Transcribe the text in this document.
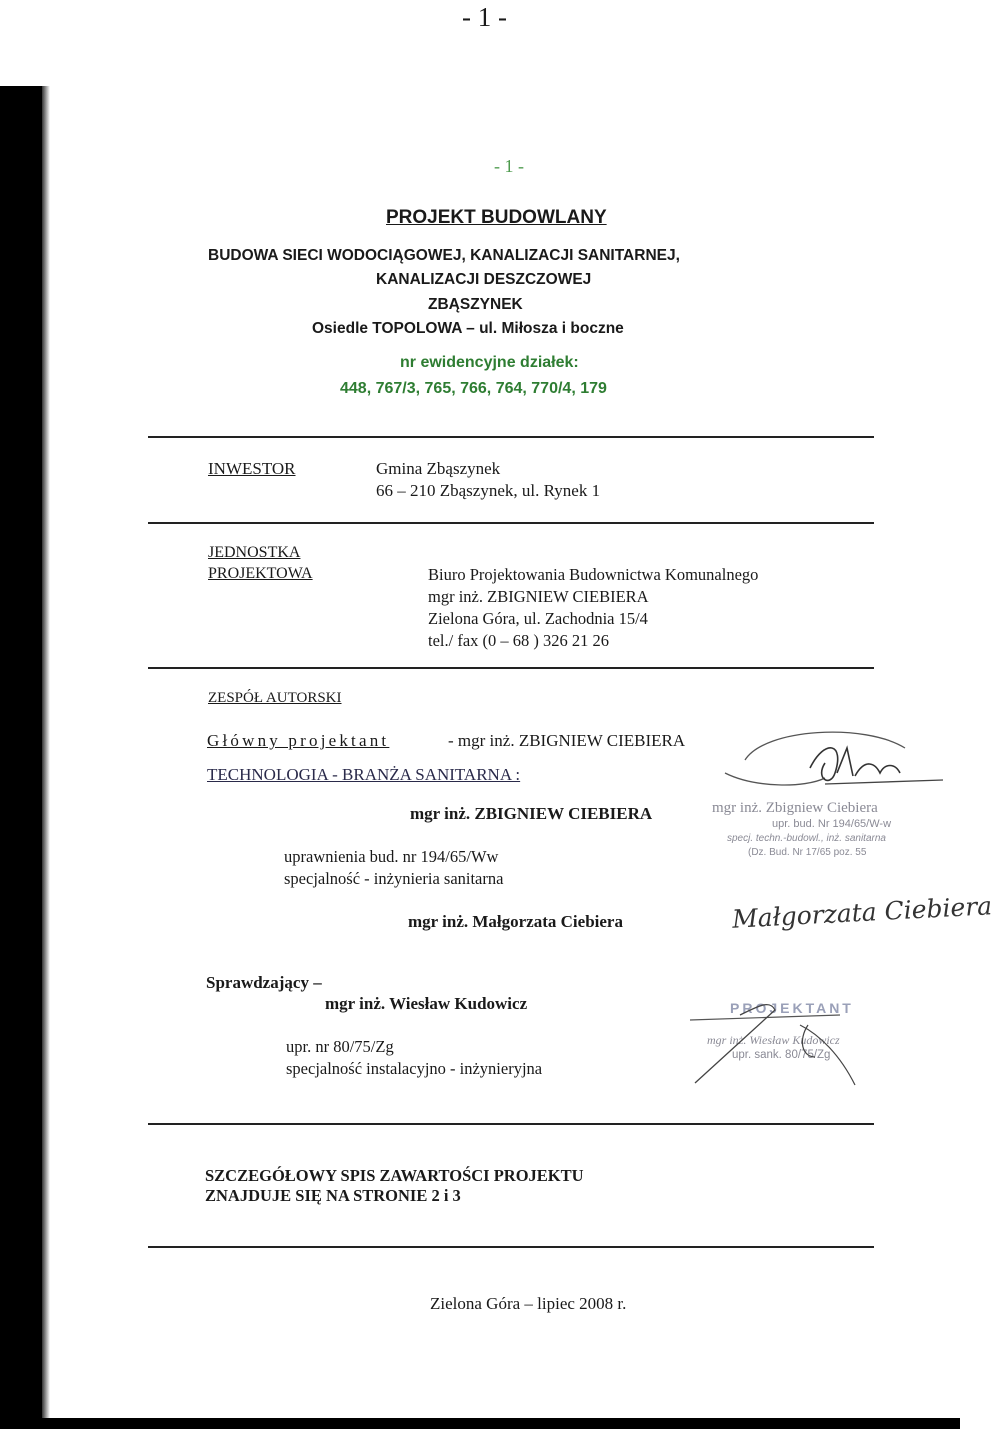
- 1 -
- 1 -
PROJEKT BUDOWLANY
BUDOWA SIECI WODOCIĄGOWEJ, KANALIZACJI SANITARNEJ,
KANALIZACJI DESZCZOWEJ
ZBĄSZYNEK
Osiedle TOPOLOWA – ul. Miłosza i boczne
nr ewidencyjne działek:
448, 767/3, 765, 766, 764, 770/4, 179
INWESTOR	Gmina Zbąszynek
66 – 210 Zbąszynek, ul. Rynek 1
JEDNOSTKA
PROJEKTOWA	Biuro Projektowania Budownictwa Komunalnego
mgr inż. ZBIGNIEW CIEBIERA
Zielona Góra, ul. Zachodnia 15/4
tel./ fax (0 – 68 ) 326 21 26
ZESPÓŁ AUTORSKI
Główny projektant	- mgr inż. ZBIGNIEW CIEBIERA
TECHNOLOGIA - BRANŻA SANITARNA :
mgr inż. ZBIGNIEW CIEBIERA
uprawnienia bud. nr 194/65/Ww
specjalność - inżynieria sanitarna
mgr inż. Małgorzata Ciebiera
mgr inż. Zbigniew Ciebiera
upr. bud. Nr 194/65/W-w
specj. techn.-budowl., inż. sanitarna
(Dz. Bud. Nr 17/65 poz. 55
Małgorzata Ciebiera
Sprawdzający –
mgr inż. Wiesław Kudowicz
upr. nr 80/75/Zg
specjalność instalacyjno - inżynieryjna
PROJEKTANT
mgr inż. Wiesław Kudowicz
upr. sank. 80/75/Zg
SZCZEGÓŁOWY SPIS ZAWARTOŚCI PROJEKTU
ZNAJDUJE SIĘ NA STRONIE 2 i 3
Zielona Góra – lipiec 2008 r.
